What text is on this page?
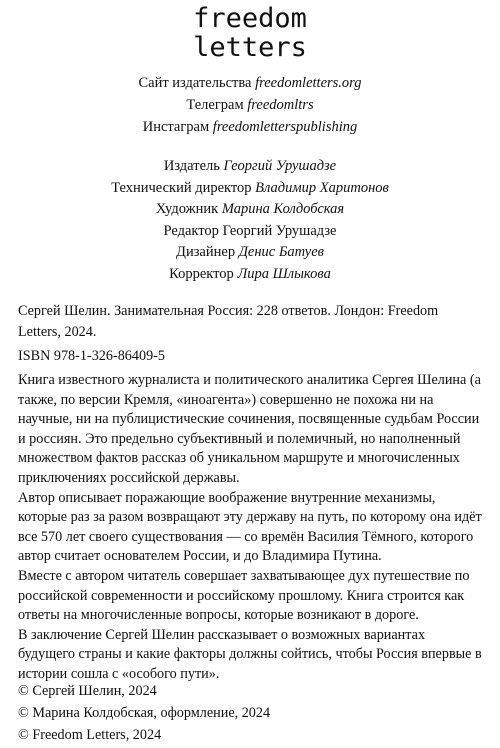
freedom
letters
Сайт издательства freedomletters.org
Телеграм freedomltrs
Инстаграм freedomletterspublishing
Издатель Георгий Урушадзе
Технический директор Владимир Харитонов
Художник Марина Колдобская
Редактор Георгий Урушадзе
Дизайнер Денис Батуев
Корректор Лира Шлыкова
Сергей Шелин. Занимательная Россия: 228 ответов. Лондон: Freedom Letters, 2024.
ISBN 978-1-326-86409-5

Книга известного журналиста и политического аналитика Сергея Шелина (а также, по версии Кремля, «иноагента») совершенно не похожа ни на научные, ни на публицистические сочинения, посвященные судьбам России и россиян. Это предельно субъективный и полемичный, но наполненный множеством фактов рассказ об уникальном маршруте и многочисленных приключениях российской державы.

Автор описывает поражающие воображение внутренние механизмы, которые раз за разом возвращают эту державу на путь, по которому она идёт все 570 лет своего существования — со времён Василия Тёмного, которого автор считает основателем России, и до Владимира Путина.

Вместе с автором читатель совершает захватывающее дух путешествие по российской современности и российскому прошлому. Книга строится как ответы на многочисленные вопросы, которые возникают в дороге.

В заключение Сергей Шелин рассказывает о возможных вариантах будущего страны и какие факторы должны сойтись, чтобы Россия впервые в истории сошла с «особого пути».

© Сергей Шелин, 2024
© Марина Колдобская, оформление, 2024
© Freedom Letters, 2024
